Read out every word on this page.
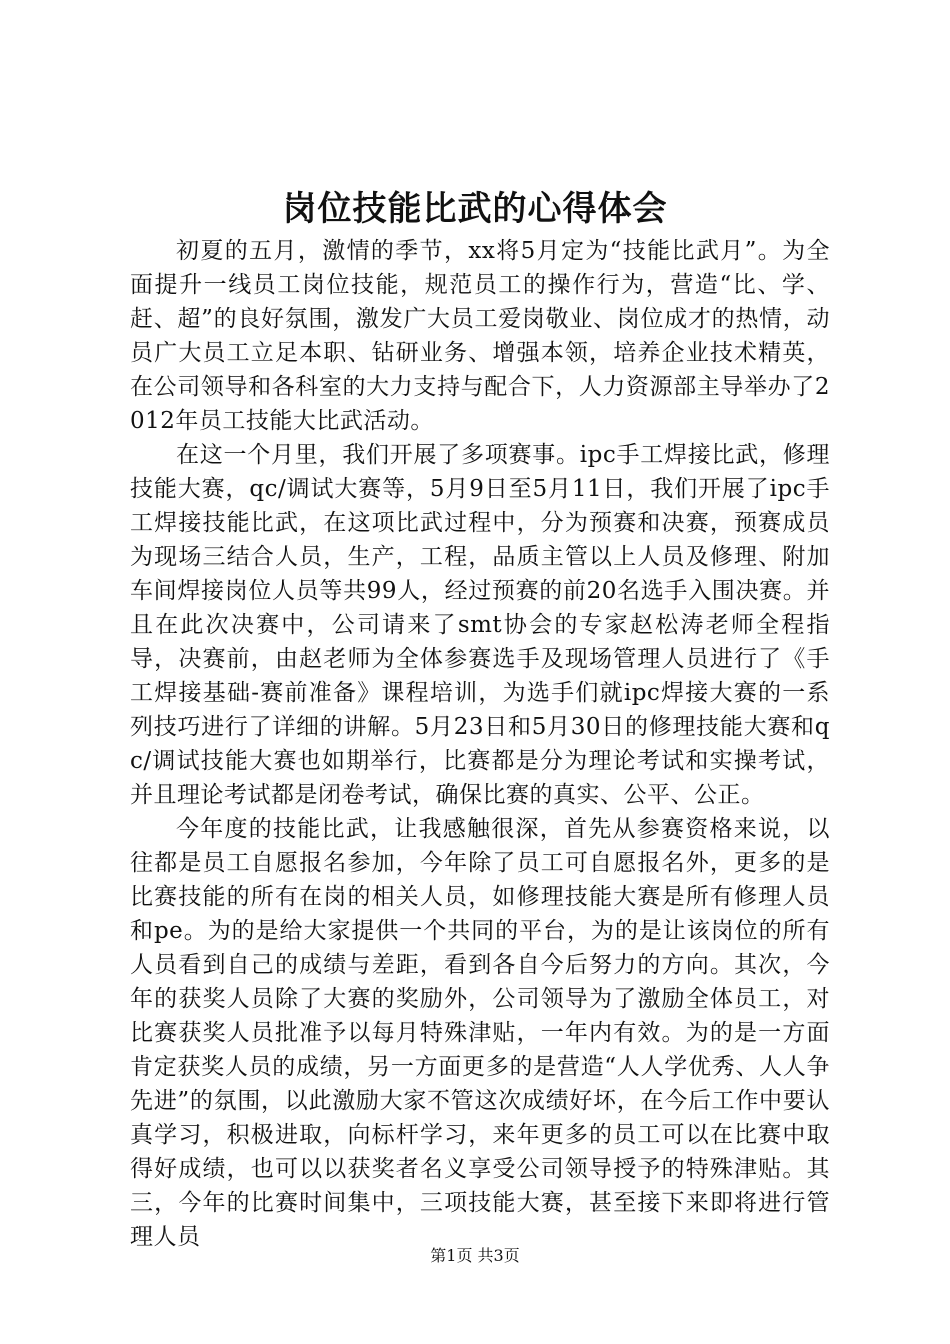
岗位技能比武的心得体会

初夏的五月，激情的季节，xx将5月定为“技能比武月”。为全面提升一线员工岗位技能，规范员工的操作行为，营造“比、学、赶、超”的良好氛围，激发广大员工爱岗敬业、岗位成才的热情，动员广大员工立足本职、钻研业务、增强本领，培养企业技术精英，在公司领导和各科室的大力支持与配合下，人力资源部主导举办了2012年员工技能大比武活动。

在这一个月里，我们开展了多项赛事。ipc手工焊接比武，修理技能大赛，qc/调试大赛等，5月9日至5月11日，我们开展了ipc手工焊接技能比武，在这项比武过程中，分为预赛和决赛，预赛成员为现场三结合人员，生产，工程，品质主管以上人员及修理、附加车间焊接岗位人员等共99人，经过预赛的前20名选手入围决赛。并且在此次决赛中，公司请来了smt协会的专家赵松涛老师全程指导，决赛前，由赵老师为全体参赛选手及现场管理人员进行了《手工焊接基础-赛前准备》课程培训，为选手们就ipc焊接大赛的一系列技巧进行了详细的讲解。5月23日和5月30日的修理技能大赛和qc/调试技能大赛也如期举行，比赛都是分为理论考试和实操考试，并且理论考试都是闭卷考试，确保比赛的真实、公平、公正。

今年度的技能比武，让我感触很深，首先从参赛资格来说，以往都是员工自愿报名参加，今年除了员工可自愿报名外，更多的是比赛技能的所有在岗的相关人员，如修理技能大赛是所有修理人员和pe。为的是给大家提供一个共同的平台，为的是让该岗位的所有人员看到自己的成绩与差距，看到各自今后努力的方向。其次，今年的获奖人员除了大赛的奖励外，公司领导为了激励全体员工，对比赛获奖人员批准予以每月特殊津贴，一年内有效。为的是一方面肯定获奖人员的成绩，另一方面更多的是营造“人人学优秀、人人争先进”的氛围，以此激励大家不管这次成绩好坏，在今后工作中要认真学习，积极进取，向标杆学习，来年更多的员工可以在比赛中取得好成绩，也可以以获奖者名义享受公司领导授予的特殊津贴。其三，今年的比赛时间集中，三项技能大赛，甚至接下来即将进行管理人员

第1页 共3页
